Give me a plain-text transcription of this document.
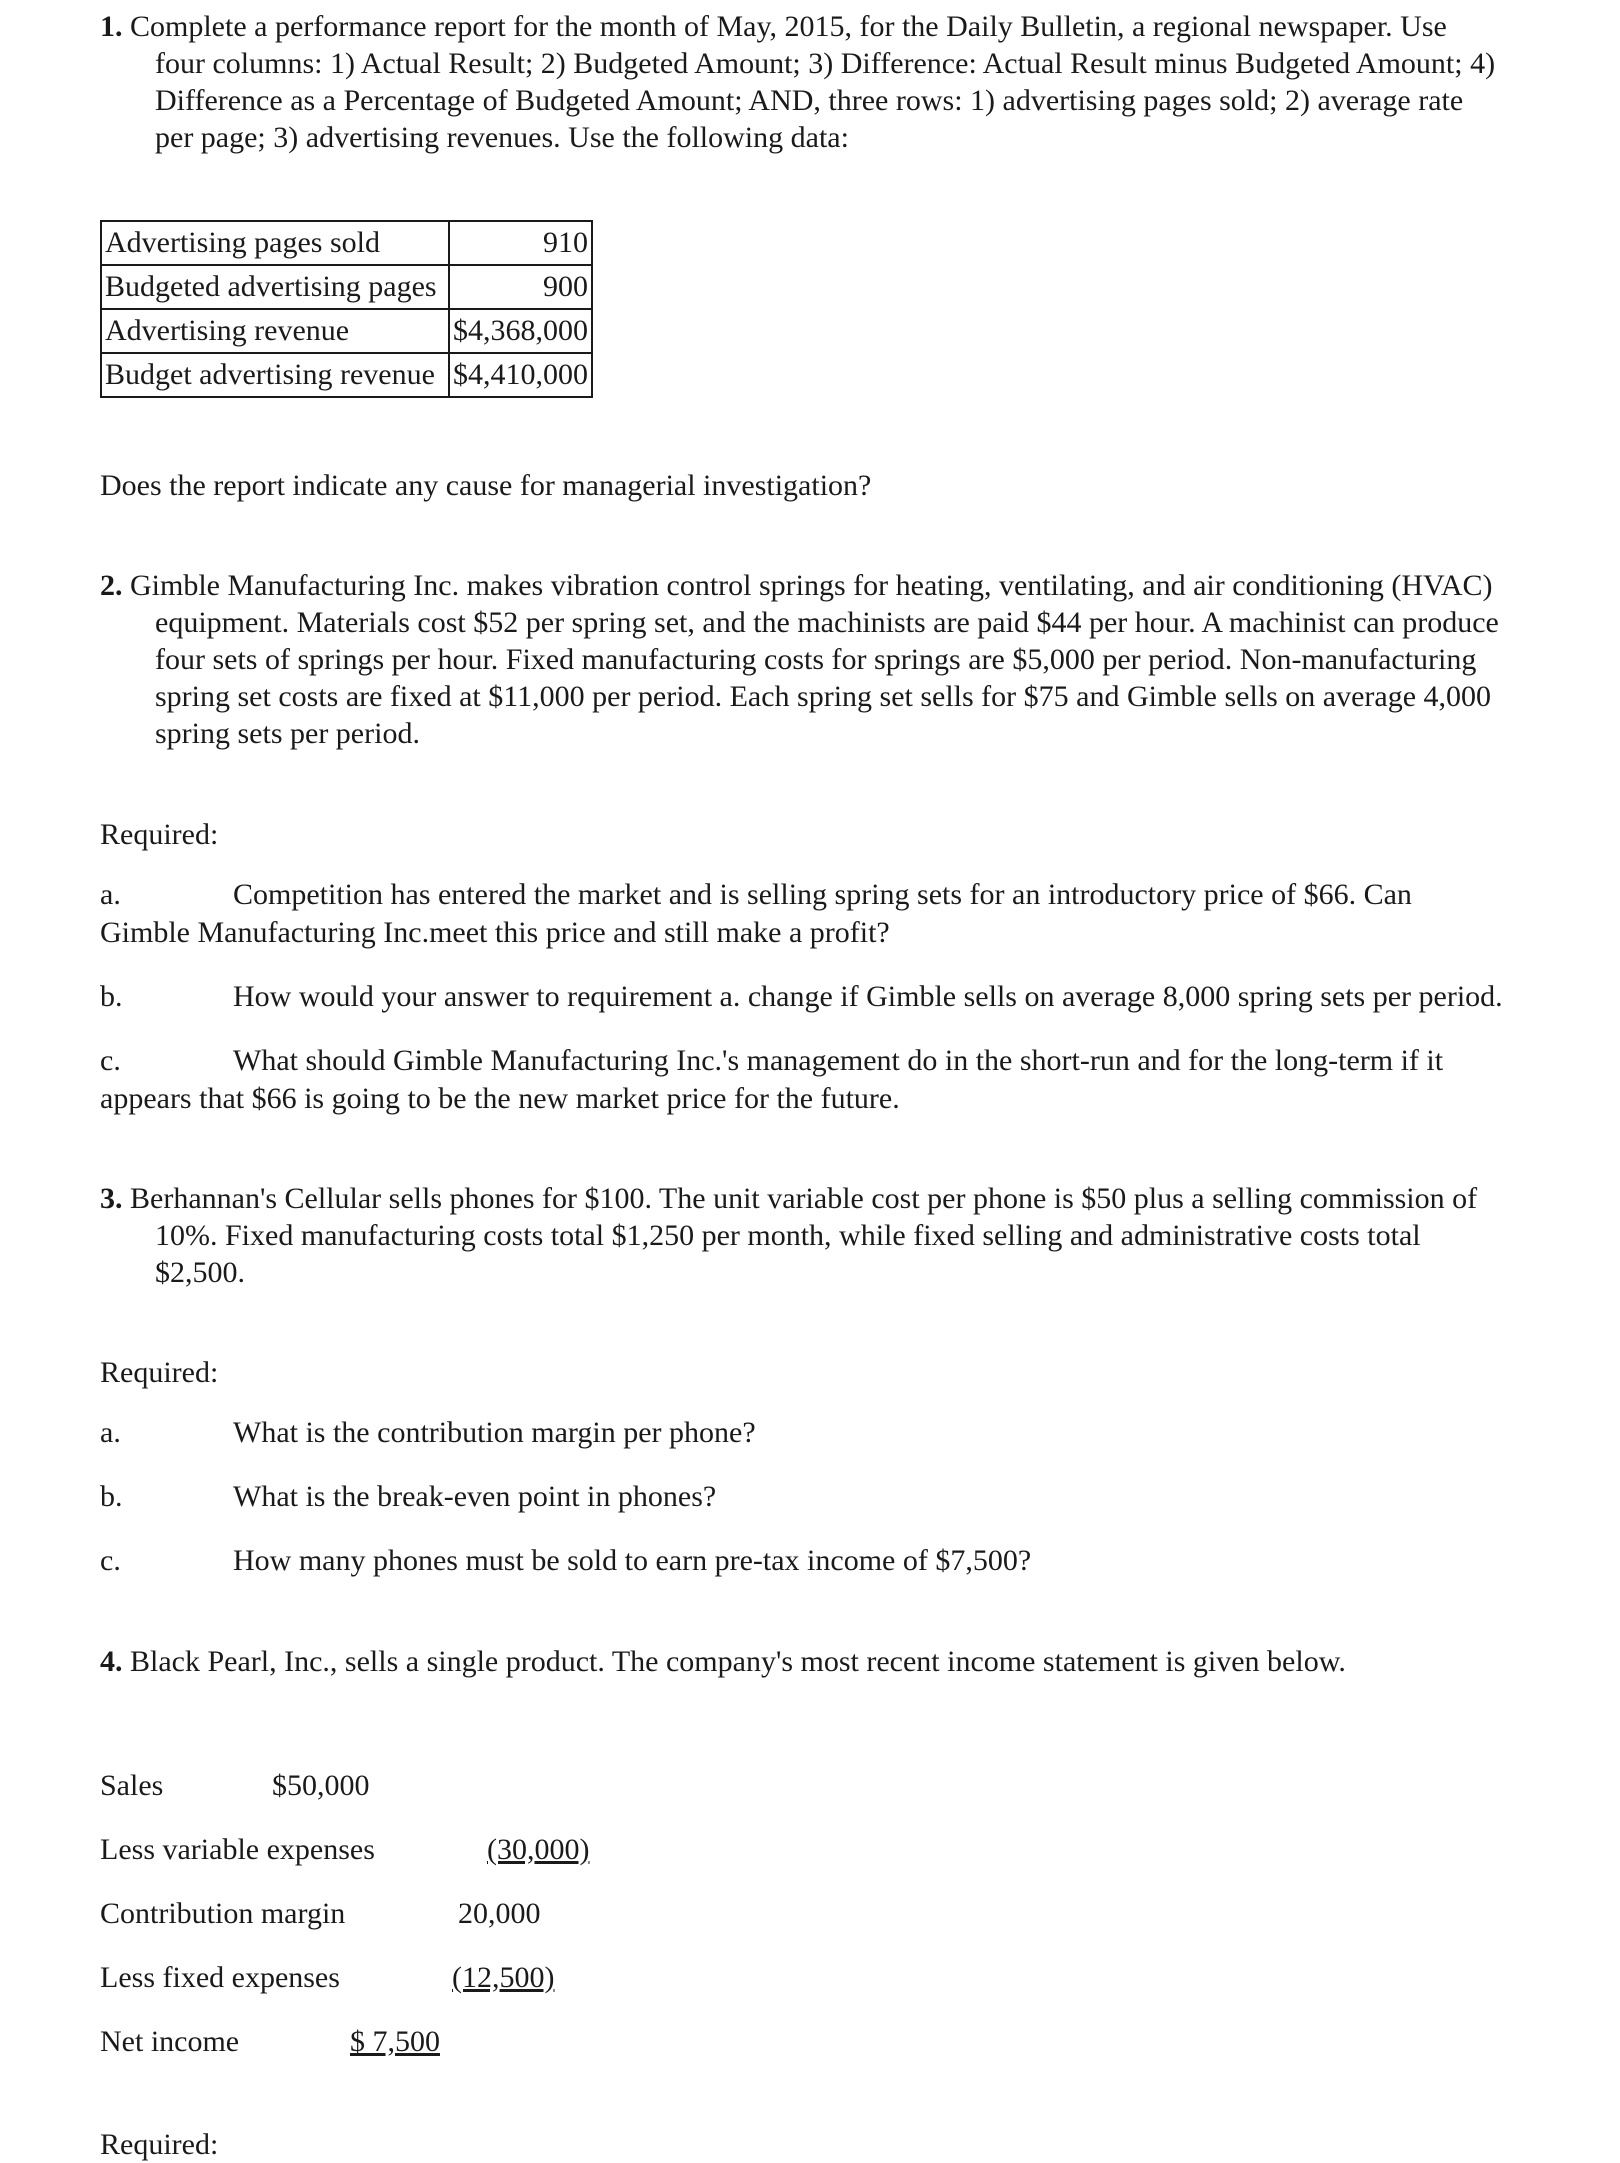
1. Complete a performance report for the month of May, 2015, for the Daily Bulletin, a regional newspaper. Use
four columns: 1) Actual Result; 2) Budgeted Amount; 3) Difference: Actual Result minus Budgeted Amount; 4)
Difference as a Percentage of Budgeted Amount; AND, three rows: 1) advertising pages sold; 2) average rate
per page; 3) advertising revenues. Use the following data:
Advertising pages sold	910
Budgeted advertising pages	900
Advertising revenue	$4,368,000
Budget advertising revenue	$4,410,000
Does the report indicate any cause for managerial investigation?
2. Gimble Manufacturing Inc. makes vibration control springs for heating, ventilating, and air conditioning (HVAC)
equipment. Materials cost $52 per spring set, and the machinists are paid $44 per hour. A machinist can produce
four sets of springs per hour. Fixed manufacturing costs for springs are $5,000 per period. Non-manufacturing
spring set costs are fixed at $11,000 per period. Each spring set sells for $75 and Gimble sells on average 4,000
spring sets per period.
Required:
a.	Competition has entered the market and is selling spring sets for an introductory price of $66. Can
Gimble Manufacturing Inc.meet this price and still make a profit?
b.	How would your answer to requirement a. change if Gimble sells on average 8,000 spring sets per period.
c.	What should Gimble Manufacturing Inc.'s management do in the short-run and for the long-term if it
appears that $66 is going to be the new market price for the future.
3. Berhannan's Cellular sells phones for $100. The unit variable cost per phone is $50 plus a selling commission of
10%. Fixed manufacturing costs total $1,250 per month, while fixed selling and administrative costs total
$2,500.
Required:
a.	What is the contribution margin per phone?
b.	What is the break-even point in phones?
c.	How many phones must be sold to earn pre-tax income of $7,500?
4. Black Pearl, Inc., sells a single product. The company's most recent income statement is given below.
Sales	$50,000
Less variable expenses	(30,000)
Contribution margin	20,000
Less fixed expenses	(12,500)
Net income	$ 7,500
Required:
